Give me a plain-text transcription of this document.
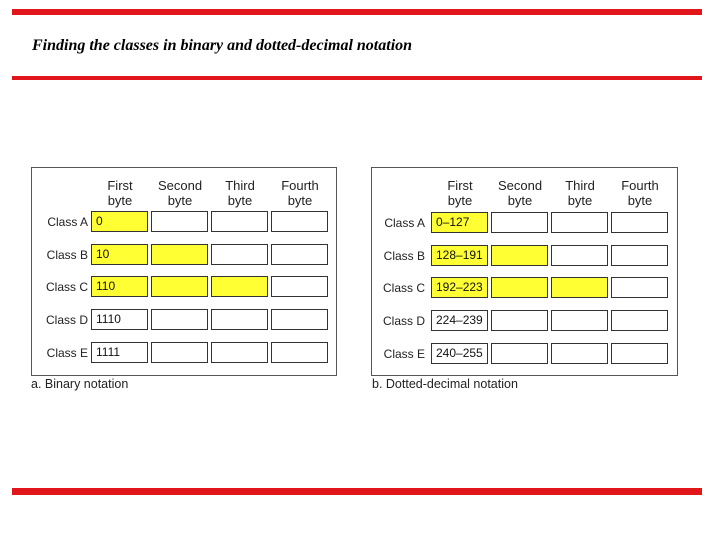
Finding the classes in binary and dotted-decimal notation
First
byte
Second
byte
Third
byte
Fourth
byte
Class A 0
Class B 10
Class C 110
Class D 1110
Class E 1111
a. Binary notation
First
byte
Second
byte
Third
byte
Fourth
byte
Class A 0–127
Class B 128–191
Class C 192–223
Class D 224–239
Class E 240–255
b. Dotted-decimal notation
